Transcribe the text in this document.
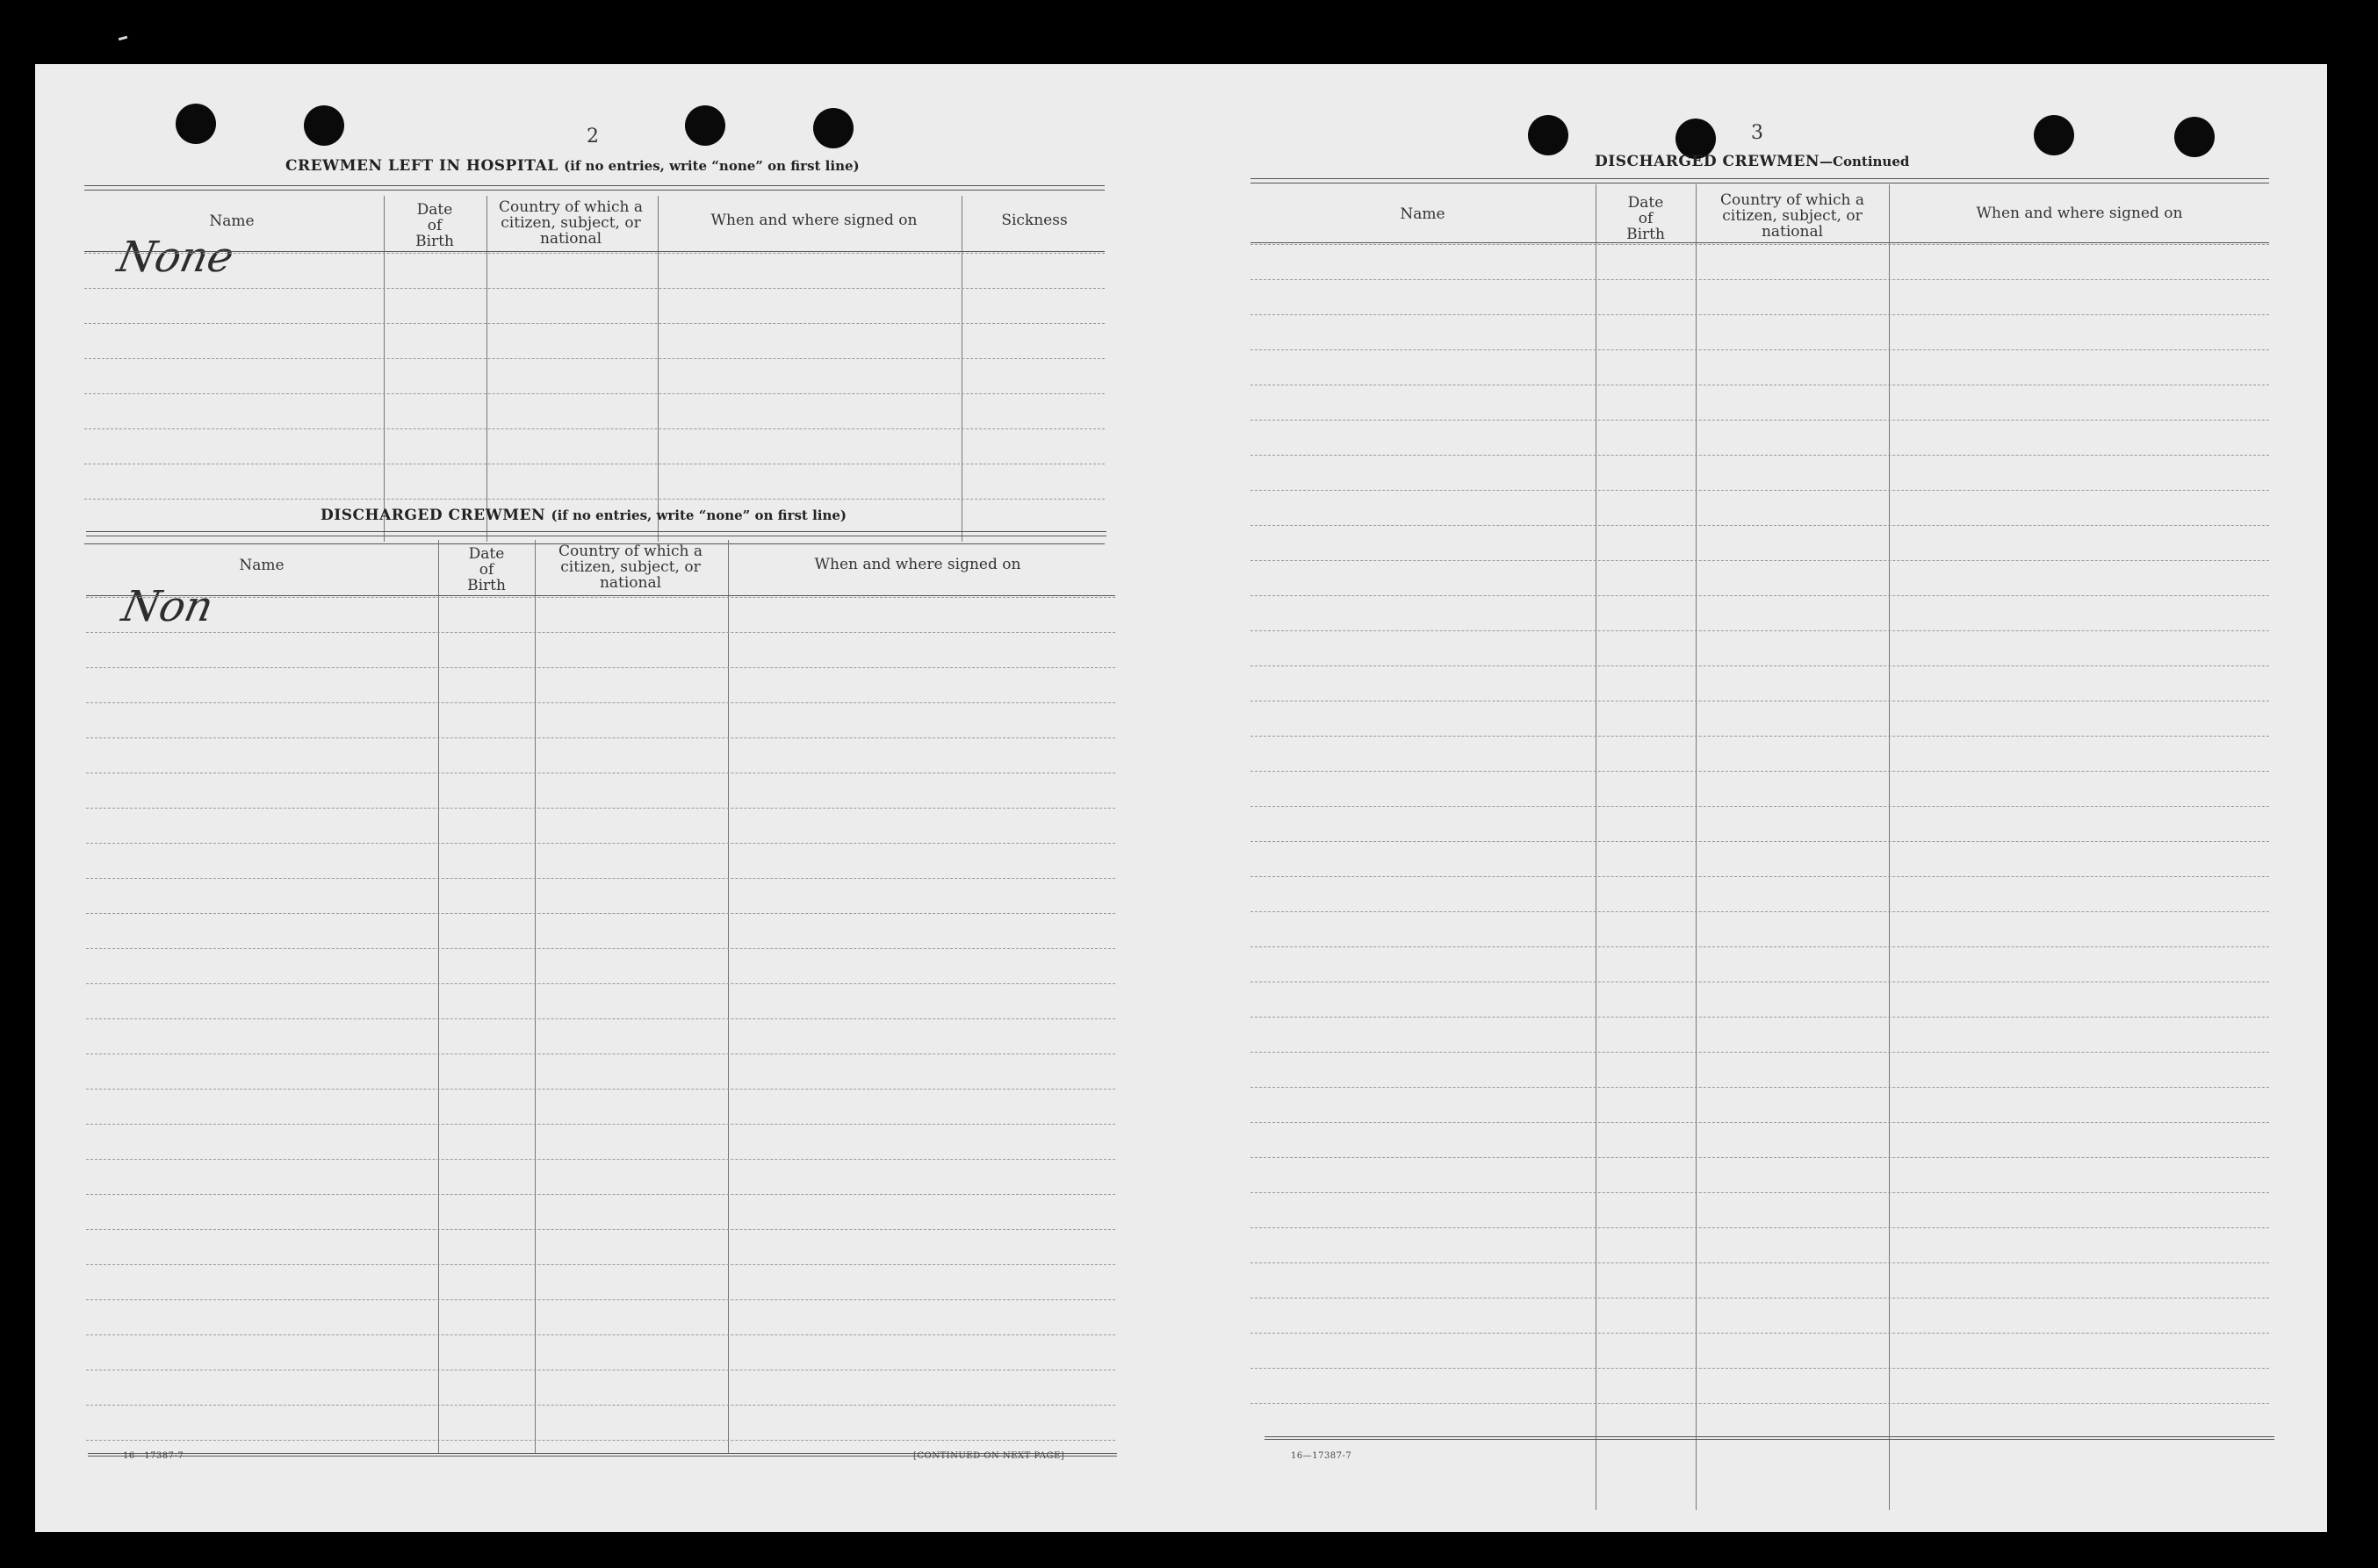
2
CREWMEN LEFT IN HOSPITAL (if no entries, write “none” on first line)
Name
Date
of
Birth
Country of which a
citizen, subject, or
national
When and where signed on	Sickness
None
DISCHARGED CREWMEN (if no entries, write “none” on first line)
Name
Date
of
Birth
Country of which a
citizen, subject, or
national
When and where signed on
Non
16—17387-7	[CONTINUED ON NEXT PAGE]
3
DISCHARGED CREWMEN—Continued
Name
Date
of
Birth
Country of which a
citizen, subject, or
national
When and where signed on
16—17387-7
